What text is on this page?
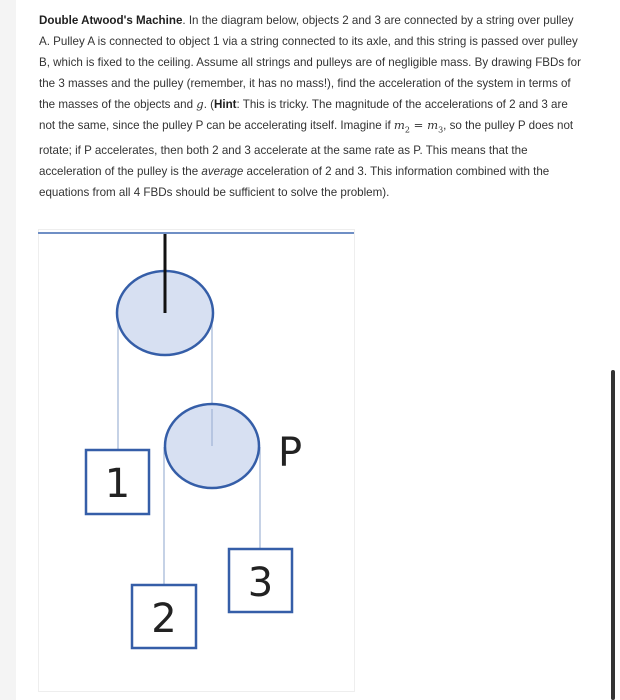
Double Atwood's Machine. In the diagram below, objects 2 and 3 are connected by a string over pulley A. Pulley A is connected to object 1 via a string connected to its axle, and this string is passed over pulley B, which is fixed to the ceiling. Assume all strings and pulleys are of negligible mass. By drawing FBDs for the 3 masses and the pulley (remember, it has no mass!), find the acceleration of the system in terms of the masses of the objects and g. (Hint: This is tricky. The magnitude of the accelerations of 2 and 3 are not the same, since the pulley P can be accelerating itself. Imagine if $m_2 = m_3$, so the pulley P does not rotate; if P accelerates, then both 2 and 3 accelerate at the same rate as P. This means that the acceleration of the pulley is the average acceleration of 2 and 3. This information combined with the equations from all 4 FBDs should be sufficient to solve the problem).

P
1
2
3
